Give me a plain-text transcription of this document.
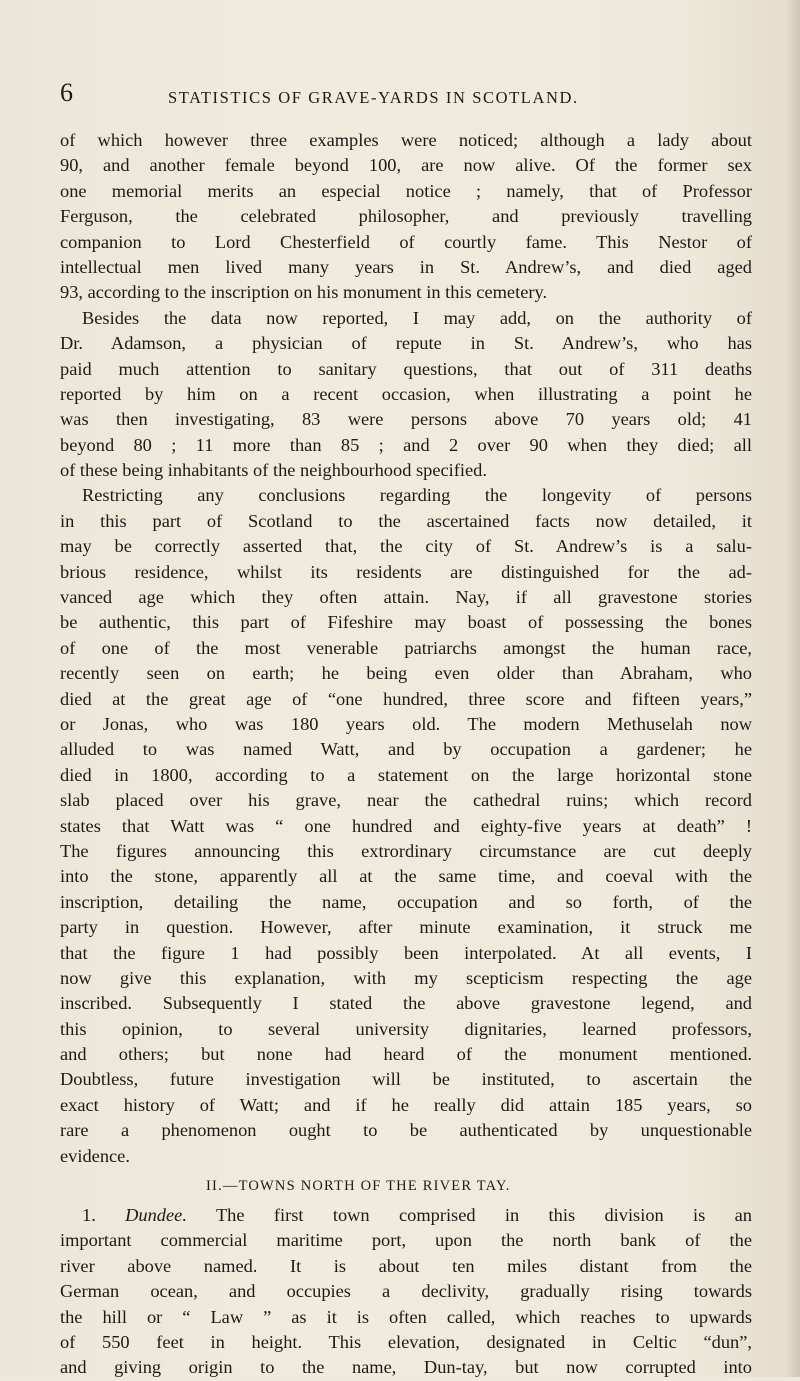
6	STATISTICS OF GRAVE-YARDS IN SCOTLAND.
of which however three examples were noticed; although a lady about
90, and another female beyond 100, are now alive. Of the former sex
one memorial merits an especial notice ; namely, that of Professor
Ferguson, the celebrated philosopher, and previously travelling
companion to Lord Chesterfield of courtly fame. This Nestor of
intellectual men lived many years in St. Andrew’s, and died aged
93, according to the inscription on his monument in this cemetery.
Besides the data now reported, I may add, on the authority of
Dr. Adamson, a physician of repute in St. Andrew’s, who has
paid much attention to sanitary questions, that out of 311 deaths
reported by him on a recent occasion, when illustrating a point he
was then investigating, 83 were persons above 70 years old; 41
beyond 80 ; 11 more than 85 ; and 2 over 90 when they died; all
of these being inhabitants of the neighbourhood specified.
Restricting any conclusions regarding the longevity of persons
in this part of Scotland to the ascertained facts now detailed, it
may be correctly asserted that, the city of St. Andrew’s is a salu-
brious residence, whilst its residents are distinguished for the ad-
vanced age which they often attain. Nay, if all gravestone stories
be authentic, this part of Fifeshire may boast of possessing the bones
of one of the most venerable patriarchs amongst the human race,
recently seen on earth; he being even older than Abraham, who
died at the great age of “one hundred, three score and fifteen years,”
or Jonas, who was 180 years old. The modern Methuselah now
alluded to was named Watt, and by occupation a gardener; he
died in 1800, according to a statement on the large horizontal stone
slab placed over his grave, near the cathedral ruins; which record
states that Watt was “ one hundred and eighty-five years at death” !
The figures announcing this extrordinary circumstance are cut deeply
into the stone, apparently all at the same time, and coeval with the
inscription, detailing the name, occupation and so forth, of the
party in question. However, after minute examination, it struck me
that the figure 1 had possibly been interpolated. At all events, I
now give this explanation, with my scepticism respecting the age
inscribed. Subsequently I stated the above gravestone legend, and
this opinion, to several university dignitaries, learned professors,
and others; but none had heard of the monument mentioned.
Doubtless, future investigation will be instituted, to ascertain the
exact history of Watt; and if he really did attain 185 years, so
rare a phenomenon ought to be authenticated by unquestionable
evidence.
II.—TOWNS NORTH OF THE RIVER TAY.
1. Dundee. The first town comprised in this division is an
important commercial maritime port, upon the north bank of the
river above named. It is about ten miles distant from the
German ocean, and occupies a declivity, gradually rising towards
the hill or “ Law ” as it is often called, which reaches to upwards
of 550 feet in height. This elevation, designated in Celtic “dun”,
and giving origin to the name, Dun-tay, but now corrupted into
